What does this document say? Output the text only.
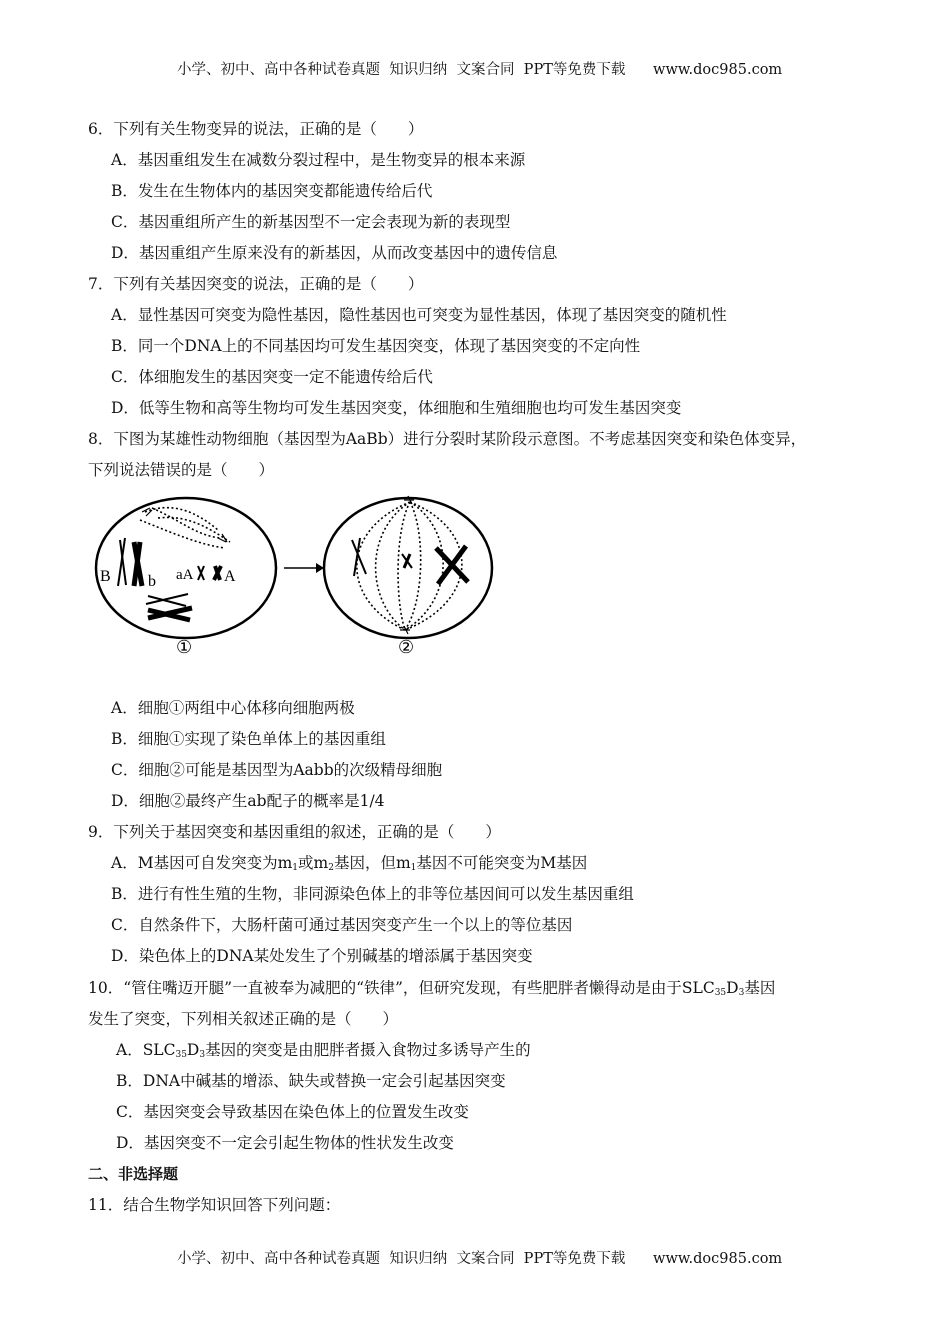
小学、初中、高中各种试卷真题  知识归纳  文案合同  PPT等免费下载 www.doc985.com

6．下列有关生物变异的说法，正确的是（　　）
A．基因重组发生在减数分裂过程中，是生物变异的根本来源
B．发生在生物体内的基因突变都能遗传给后代
C．基因重组所产生的新基因型不一定会表现为新的表现型
D．基因重组产生原来没有的新基因，从而改变基因中的遗传信息
7．下列有关基因突变的说法，正确的是（　　）
A．显性基因可突变为隐性基因，隐性基因也可突变为显性基因，体现了基因突变的随机性
B．同一个DNA上的不同基因均可发生基因突变，体现了基因突变的不定向性
C．体细胞发生的基因突变一定不能遗传给后代
D．低等生物和高等生物均可发生基因突变，体细胞和生殖细胞也均可发生基因突变
8．下图为某雄性动物细胞（基因型为AaBb）进行分裂时某阶段示意图。不考虑基因突变和染色体变异，
下列说法错误的是（　　）
B b aA A
①	②
A．细胞①两组中心体移向细胞两极
B．细胞①实现了染色单体上的基因重组
C．细胞②可能是基因型为Aabb的次级精母细胞
D．细胞②最终产生ab配子的概率是1/4
9．下列关于基因突变和基因重组的叙述，正确的是（　　）
A．M基因可自发突变为$m_1$或$m_2$基因，但$m_1$基因不可能突变为M基因
B．进行有性生殖的生物，非同源染色体上的非等位基因间可以发生基因重组
C．自然条件下，大肠杆菌可通过基因突变产生一个以上的等位基因
D．染色体上的DNA某处发生了个别碱基的增添属于基因突变
10．“管住嘴迈开腿”一直被奉为减肥的“铁律”，但研究发现，有些肥胖者懒得动是由于$SLC_{35}D_3$基因
发生了突变，下列相关叙述正确的是（　　）
A．$SLC_{35}D_3$基因的突变是由肥胖者摄入食物过多诱导产生的
B．DNA中碱基的增添、缺失或替换一定会引起基因突变
C．基因突变会导致基因在染色体上的位置发生改变
D．基因突变不一定会引起生物体的性状发生改变
二、非选择题
11．结合生物学知识回答下列问题：

小学、初中、高中各种试卷真题  知识归纳  文案合同  PPT等免费下载 www.doc985.com
